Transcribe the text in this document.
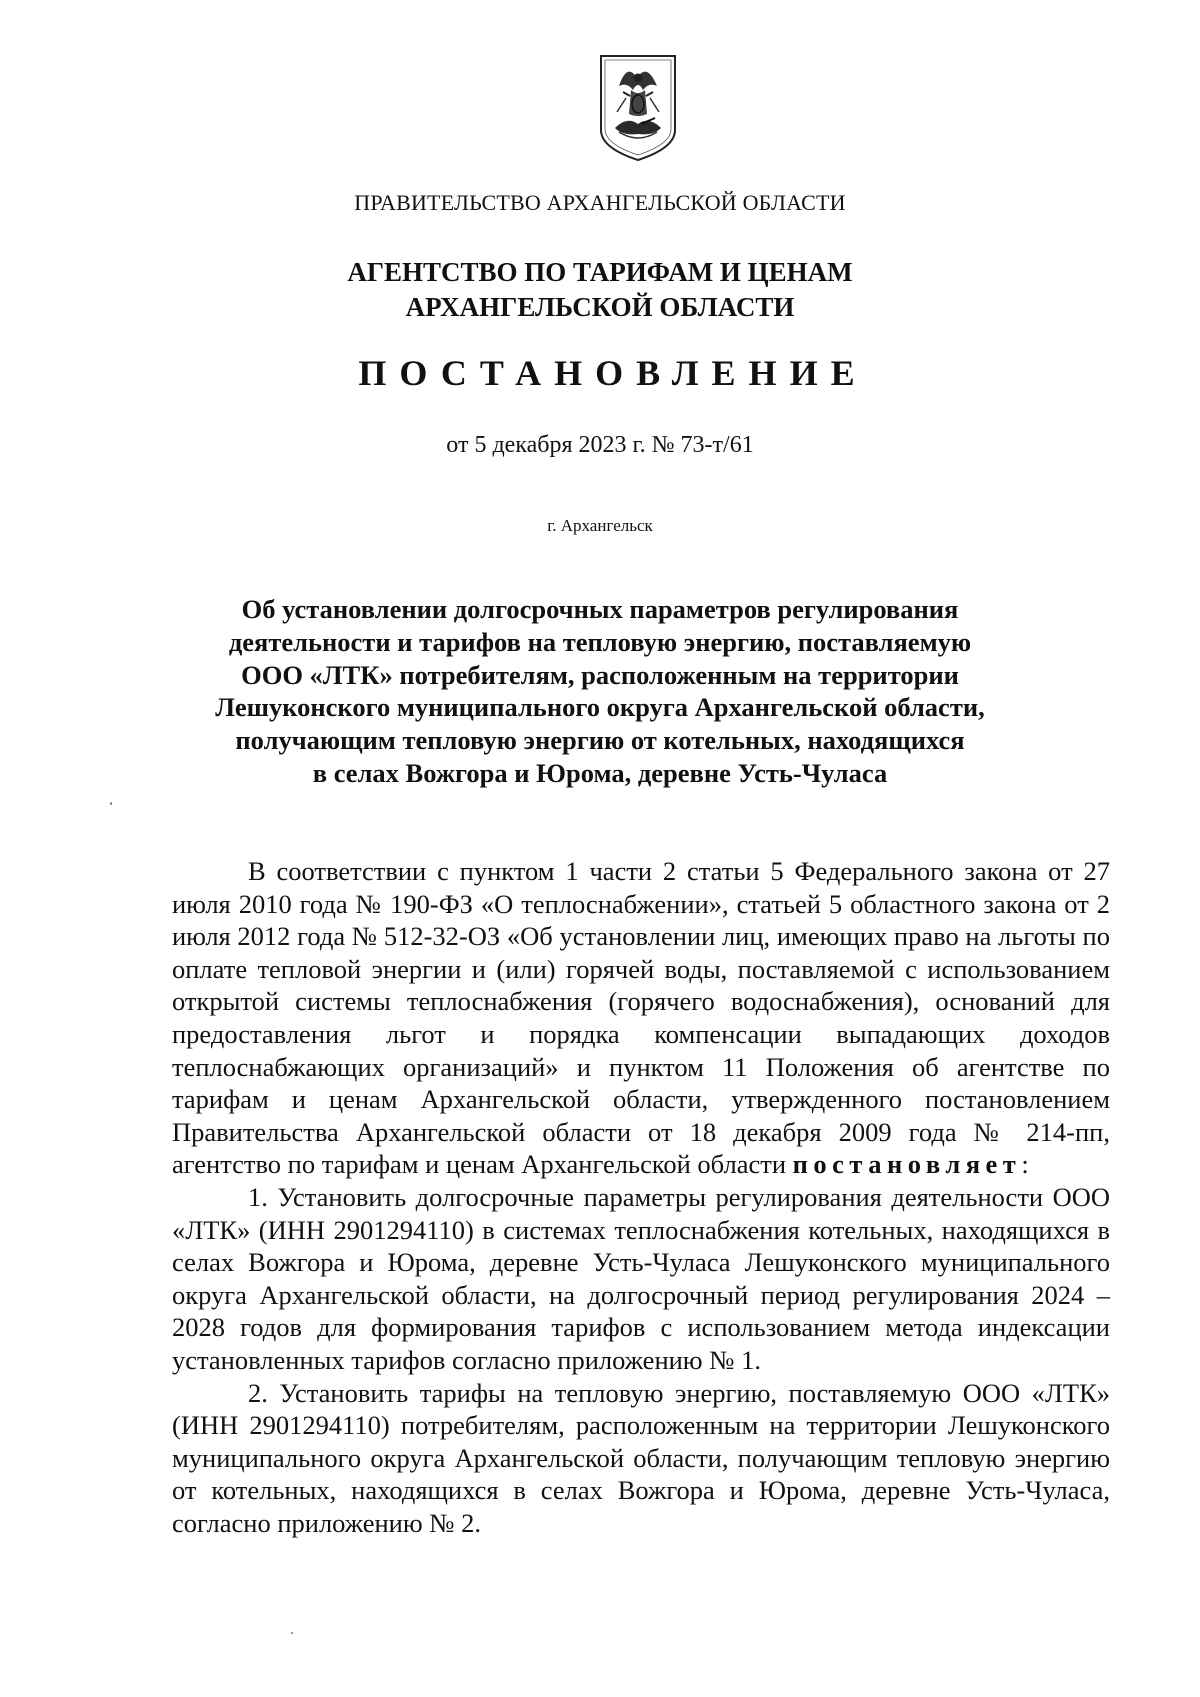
ПРАВИТЕЛЬСТВО АРХАНГЕЛЬСКОЙ ОБЛАСТИ
АГЕНТСТВО ПО ТАРИФАМ И ЦЕНАМ
АРХАНГЕЛЬСКОЙ ОБЛАСТИ
ПОСТАНОВЛЕНИЕ
от 5 декабря 2023 г. № 73-т/61
г. Архангельск
Об установлении долгосрочных параметров регулирования
деятельности и тарифов на тепловую энергию, поставляемую
ООО «ЛТК» потребителям, расположенным на территории
Лешуконского муниципального округа Архангельской области,
получающим тепловую энергию от котельных, находящихся
в селах Вожгора и Юрома, деревне Усть-Чуласа

В соответствии с пунктом 1 части 2 статьи 5 Федерального закона от 27 июля 2010 года № 190-ФЗ «О теплоснабжении», статьей 5 областного закона от 2 июля 2012 года № 512-32-ОЗ «Об установлении лиц, имеющих право на льготы по оплате тепловой энергии и (или) горячей воды, поставляемой с использованием открытой системы теплоснабжения (горячего водоснабжения), оснований для предоставления льгот и порядка компенсации выпадающих доходов теплоснабжающих организаций» и пунктом 11 Положения об агентстве по тарифам и ценам Архангельской области, утвержденного постановлением Правительства Архангельской области от 18 декабря 2009 года № 214-пп, агентство по тарифам и ценам Архангельской области постановляет:

1. Установить долгосрочные параметры регулирования деятельности ООО «ЛТК» (ИНН 2901294110) в системах теплоснабжения котельных, находящихся в селах Вожгора и Юрома, деревне Усть-Чуласа Лешуконского муниципального округа Архангельской области, на долгосрочный период регулирования 2024 – 2028 годов для формирования тарифов с использованием метода индексации установленных тарифов согласно приложению № 1.

2. Установить тарифы на тепловую энергию, поставляемую ООО «ЛТК» (ИНН 2901294110) потребителям, расположенным на территории Лешуконского муниципального округа Архангельской области, получающим тепловую энергию от котельных, находящихся в селах Вожгора и Юрома, деревне Усть-Чуласа, согласно приложению № 2.
